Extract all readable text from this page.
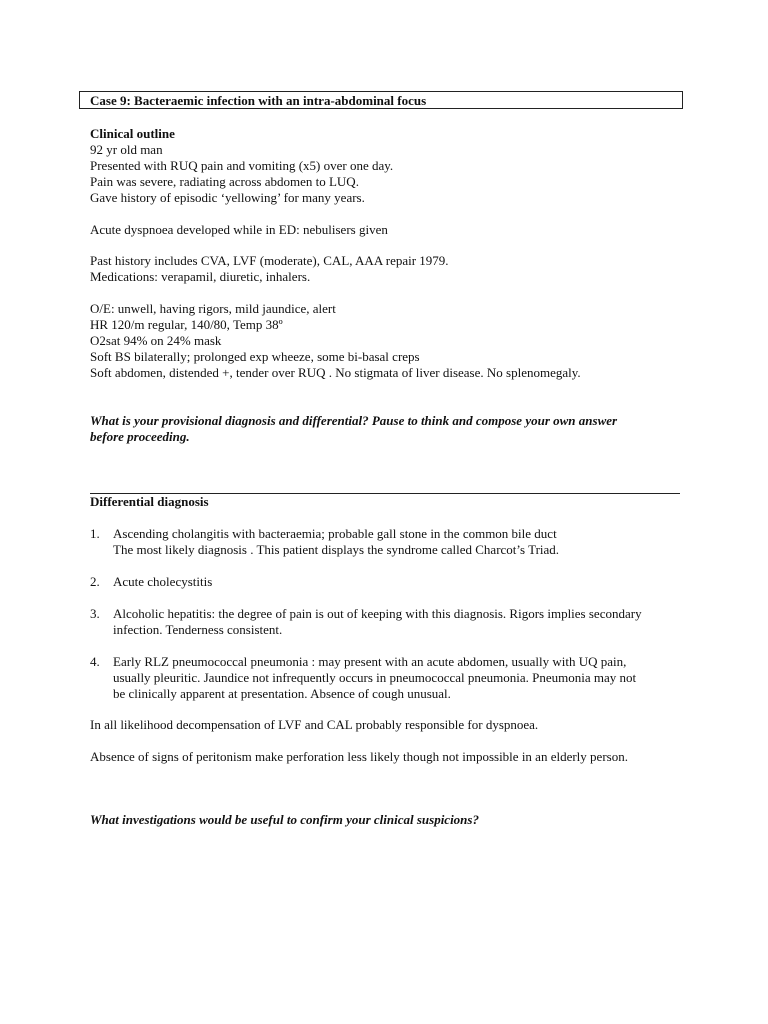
Case 9: Bacteraemic infection with an intra-abdominal focus

Clinical outline

92 yr old man

Presented with RUQ pain and vomiting (x5) over one day.

Pain was severe, radiating across abdomen to LUQ.

Gave history of episodic ‘yellowing’ for many years.

Acute dyspnoea developed while in ED: nebulisers given

Past history includes CVA, LVF (moderate), CAL, AAA repair 1979.

Medications: verapamil, diuretic, inhalers.

O/E: unwell, having rigors, mild jaundice, alert

HR 120/m regular, 140/80, Temp 38º

O2sat 94% on 24% mask

Soft BS bilaterally; prolonged exp wheeze, some bi-basal creps

Soft abdomen, distended +, tender over RUQ . No stigmata of liver disease. No splenomegaly.

What is your provisional diagnosis and differential? Pause to think and compose your own answer

before proceeding.

Differential diagnosis

1.	Ascending cholangitis with bacteraemia; probable gall stone in the common bile duct

The most likely diagnosis . This patient displays the syndrome called Charcot’s Triad.

2.	Acute cholecystitis

3.	Alcoholic hepatitis: the degree of pain is out of keeping with this diagnosis. Rigors implies secondary

infection. Tenderness consistent.

4.	Early RLZ pneumococcal pneumonia : may present with an acute abdomen, usually with UQ pain,

usually pleuritic. Jaundice not infrequently occurs in pneumococcal pneumonia. Pneumonia may not

be clinically apparent at presentation. Absence of cough unusual.

In all likelihood decompensation of LVF and CAL probably responsible for dyspnoea.

Absence of signs of peritonism make perforation less likely though not impossible in an elderly person.

What investigations would be useful to confirm your clinical suspicions?
